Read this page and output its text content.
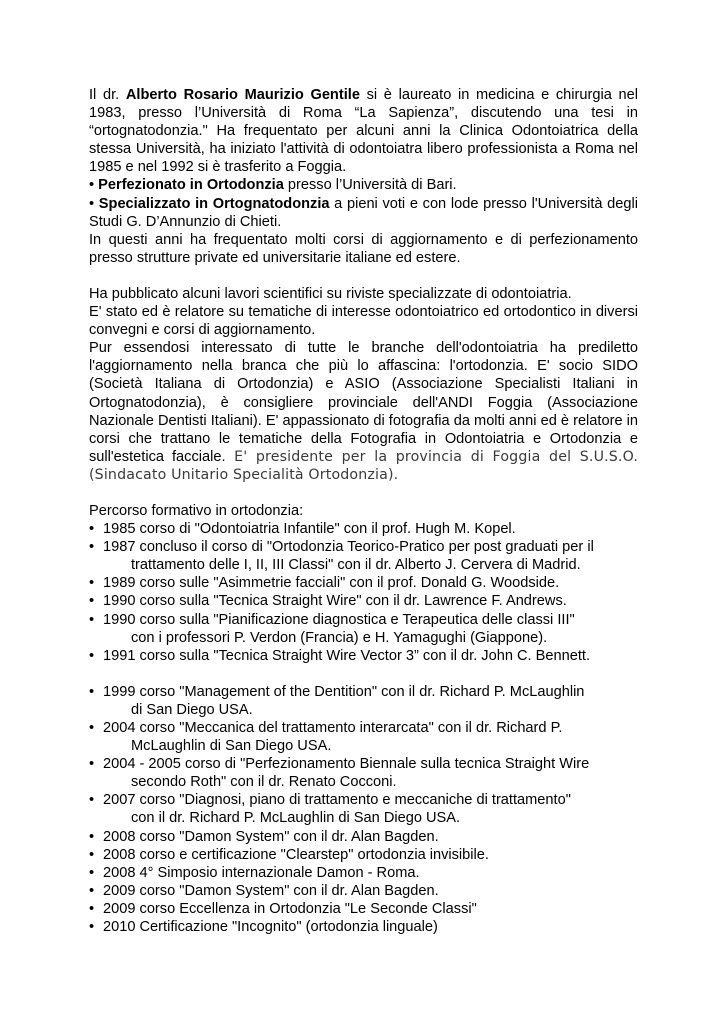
Il dr. Alberto Rosario Maurizio Gentile si è laureato in medicina e chirurgia nel 1983, presso l’Università di Roma “La Sapienza”, discutendo una tesi in “ortognatodonzia." Ha frequentato per alcuni anni la Clinica Odontoiatrica della stessa Università, ha iniziato l'attività di odontoiatra libero professionista a Roma nel 1985 e nel 1992 si è trasferito a Foggia.

• Perfezionato in Ortodonzia presso l’Università di Bari.

• Specializzato in Ortognatodonzia a pieni voti e con lode presso l'Università degli Studi G. D’Annunzio di Chieti.

In questi anni ha frequentato molti corsi di aggiornamento e di perfezionamento presso strutture private ed universitarie italiane ed estere.

Ha pubblicato alcuni lavori scientifici su riviste specializzate di odontoiatria.

E' stato ed è relatore su tematiche di interesse odontoiatrico ed ortodontico in diversi convegni e corsi di aggiornamento.

Pur essendosi interessato di tutte le branche dell'odontoiatria ha prediletto l'aggiornamento nella branca che più lo affascina: l'ortodonzia. E' socio SIDO (Società Italiana di Ortodonzia) e ASIO (Associazione Specialisti Italiani in Ortognatodonzia), è consigliere provinciale dell'ANDI Foggia (Associazione Nazionale Dentisti Italiani). E' appassionato di fotografia da molti anni ed è relatore in corsi che trattano le tematiche della Fotografia in Odontoiatria e Ortodonzia e sull'estetica facciale. E' presidente per la provincia di Foggia del S.U.S.O. (Sindacato Unitario Specialità Ortodonzia).

Percorso formativo in ortodonzia:

• 1985 corso di "Odontoiatria Infantile" con il prof. Hugh M. Kopel.
• 1987 concluso il corso di "Ortodonzia Teorico-Pratico per post graduati per il
trattamento delle I, II, III Classi" con il dr. Alberto J. Cervera di Madrid.
• 1989 corso sulle "Asimmetrie facciali" con il prof. Donald G. Woodside.
• 1990 corso sulla "Tecnica Straight Wire" con il dr. Lawrence F. Andrews.
• 1990 corso sulla "Pianificazione diagnostica e Terapeutica delle classi III"
con i professori P. Verdon (Francia) e H. Yamagughi (Giappone).
• 1991 corso sulla "Tecnica Straight Wire Vector 3” con il dr. John C. Bennett.
• 1999 corso "Management of the Dentition" con il dr. Richard P. McLaughlin
di San Diego USA.
• 2004 corso "Meccanica del trattamento interarcata" con il dr. Richard P.
McLaughlin di San Diego USA.
• 2004 - 2005 corso di "Perfezionamento Biennale sulla tecnica Straight Wire
secondo Roth" con il dr. Renato Cocconi.
• 2007 corso "Diagnosi, piano di trattamento e meccaniche di trattamento"
con il dr. Richard P. McLaughlin di San Diego USA.
• 2008 corso "Damon System" con il dr. Alan Bagden.
• 2008 corso e certificazione "Clearstep" ortodonzia invisibile.
• 2008 4° Simposio internazionale Damon - Roma.
• 2009 corso "Damon System" con il dr. Alan Bagden.
• 2009 corso Eccellenza in Ortodonzia "Le Seconde Classi"
• 2010 Certificazione "Incognito" (ortodonzia linguale)
